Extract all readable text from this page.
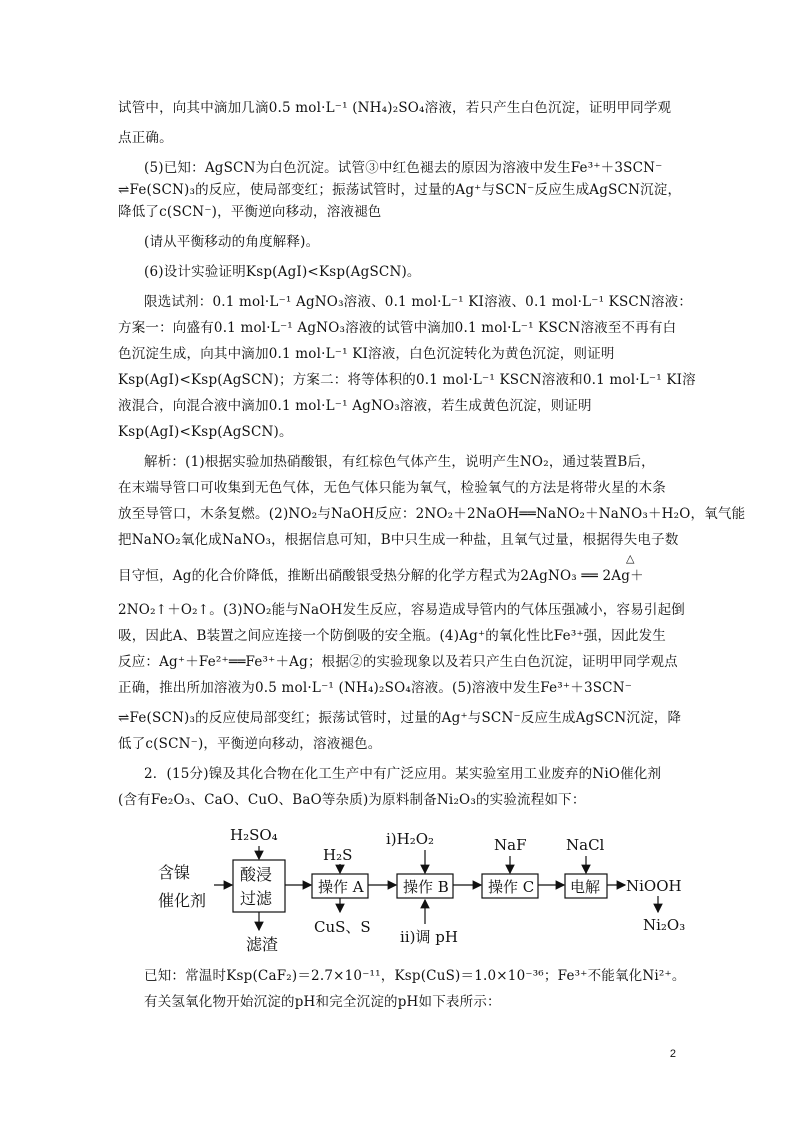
试管中，向其中滴加几滴0.5 mol·L⁻¹ (NH₄)₂SO₄溶液，若只产生白色沉淀，证明甲同学观
点正确。
(5)已知：AgSCN为白色沉淀。试管③中红色褪去的原因为溶液中发生Fe³⁺＋3SCN⁻
⇌Fe(SCN)₃的反应，使局部变红；振荡试管时，过量的Ag⁺与SCN⁻反应生成AgSCN沉淀，
降低了c(SCN⁻)，平衡逆向移动，溶液褪色
(请从平衡移动的角度解释)。
(6)设计实验证明Ksp(AgI)<Ksp(AgSCN)。
限选试剂：0.1 mol·L⁻¹ AgNO₃溶液、0.1 mol·L⁻¹ KI溶液、0.1 mol·L⁻¹ KSCN溶液：
方案一：向盛有0.1 mol·L⁻¹ AgNO₃溶液的试管中滴加0.1 mol·L⁻¹ KSCN溶液至不再有白
色沉淀生成，向其中滴加0.1 mol·L⁻¹ KI溶液，白色沉淀转化为黄色沉淀，则证明
Ksp(AgI)<Ksp(AgSCN)；方案二：将等体积的0.1 mol·L⁻¹ KSCN溶液和0.1 mol·L⁻¹ KI溶
液混合，向混合液中滴加0.1 mol·L⁻¹ AgNO₃溶液，若生成黄色沉淀，则证明
Ksp(AgI)<Ksp(AgSCN)。
解析：(1)根据实验加热硝酸银，有红棕色气体产生，说明产生NO₂，通过装置B后，
在末端导管口可收集到无色气体，无色气体只能为氧气，检验氧气的方法是将带火星的木条
放至导管口，木条复燃。(2)NO₂与NaOH反应：2NO₂＋2NaOH══NaNO₂＋NaNO₃＋H₂O，氧气能
把NaNO₂氧化成NaNO₃，根据信息可知，B中只生成一种盐，且氧气过量，根据得失电子数
目守恒，Ag的化合价降低，推断出硝酸银受热分解的化学方程式为2AgNO₃ ══ 2Ag＋
△
2NO₂↑＋O₂↑。(3)NO₂能与NaOH发生反应，容易造成导管内的气体压强减小，容易引起倒
吸，因此A、B装置之间应连接一个防倒吸的安全瓶。(4)Ag⁺的氧化性比Fe³⁺强，因此发生
反应：Ag⁺＋Fe²⁺══Fe³⁺＋Ag；根据②的实验现象以及若只产生白色沉淀，证明甲同学观点
正确，推出所加溶液为0.5 mol·L⁻¹ (NH₄)₂SO₄溶液。(5)溶液中发生Fe³⁺＋3SCN⁻
⇌Fe(SCN)₃的反应使局部变红；振荡试管时，过量的Ag⁺与SCN⁻反应生成AgSCN沉淀，降
低了c(SCN⁻)，平衡逆向移动，溶液褪色。
2．(15分)镍及其化合物在化工生产中有广泛应用。某实验室用工业废弃的NiO催化剂
(含有Fe₂O₃、CaO、CuO、BaO等杂质)为原料制备Ni₂O₃的实验流程如下：
含镍
催化剂
酸浸
过滤
H₂SO₄
滤渣
操作 A
H₂S
CuS、S
操作 B
ⅰ)H₂O₂
ⅱ)调 pH
操作 C
NaF
电解
NaCl
NiOOH
Ni₂O₃
已知：常温时Ksp(CaF₂)＝2.7×10⁻¹¹，Ksp(CuS)＝1.0×10⁻³⁶；Fe³⁺不能氧化Ni²⁺。
有关氢氧化物开始沉淀的pH和完全沉淀的pH如下表所示：
2
